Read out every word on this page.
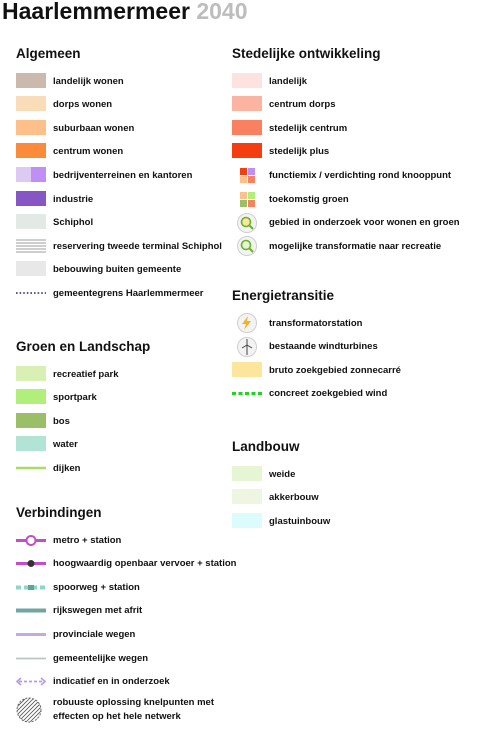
Haarlemmermeer 2040
Algemeen
landelijk wonen
dorps wonen
suburbaan wonen
centrum wonen
bedrijventerreinen en kantoren
industrie
Schiphol
reservering tweede terminal Schiphol
bebouwing buiten gemeente
gemeentegrens Haarlemmermeer
Groen en Landschap
recreatief park
sportpark
bos
water
dijken
Verbindingen
metro + station
hoogwaardig openbaar vervoer + station
spoorweg + station
rijkswegen met afrit
provinciale wegen
gemeentelijke wegen
indicatief en in onderzoek
robuuste oplossing knelpunten met
effecten op het hele netwerk
Stedelijke ontwikkeling
landelijk
centrum dorps
stedelijk centrum
stedelijk plus
functiemix / verdichting rond knooppunt
toekomstig groen
gebied in onderzoek voor wonen en groen
mogelijke transformatie naar recreatie
Energietransitie
transformatorstation
bestaande windturbines
bruto zoekgebied zonnecarré
concreet zoekgebied wind
Landbouw
weide
akkerbouw
glastuinbouw
